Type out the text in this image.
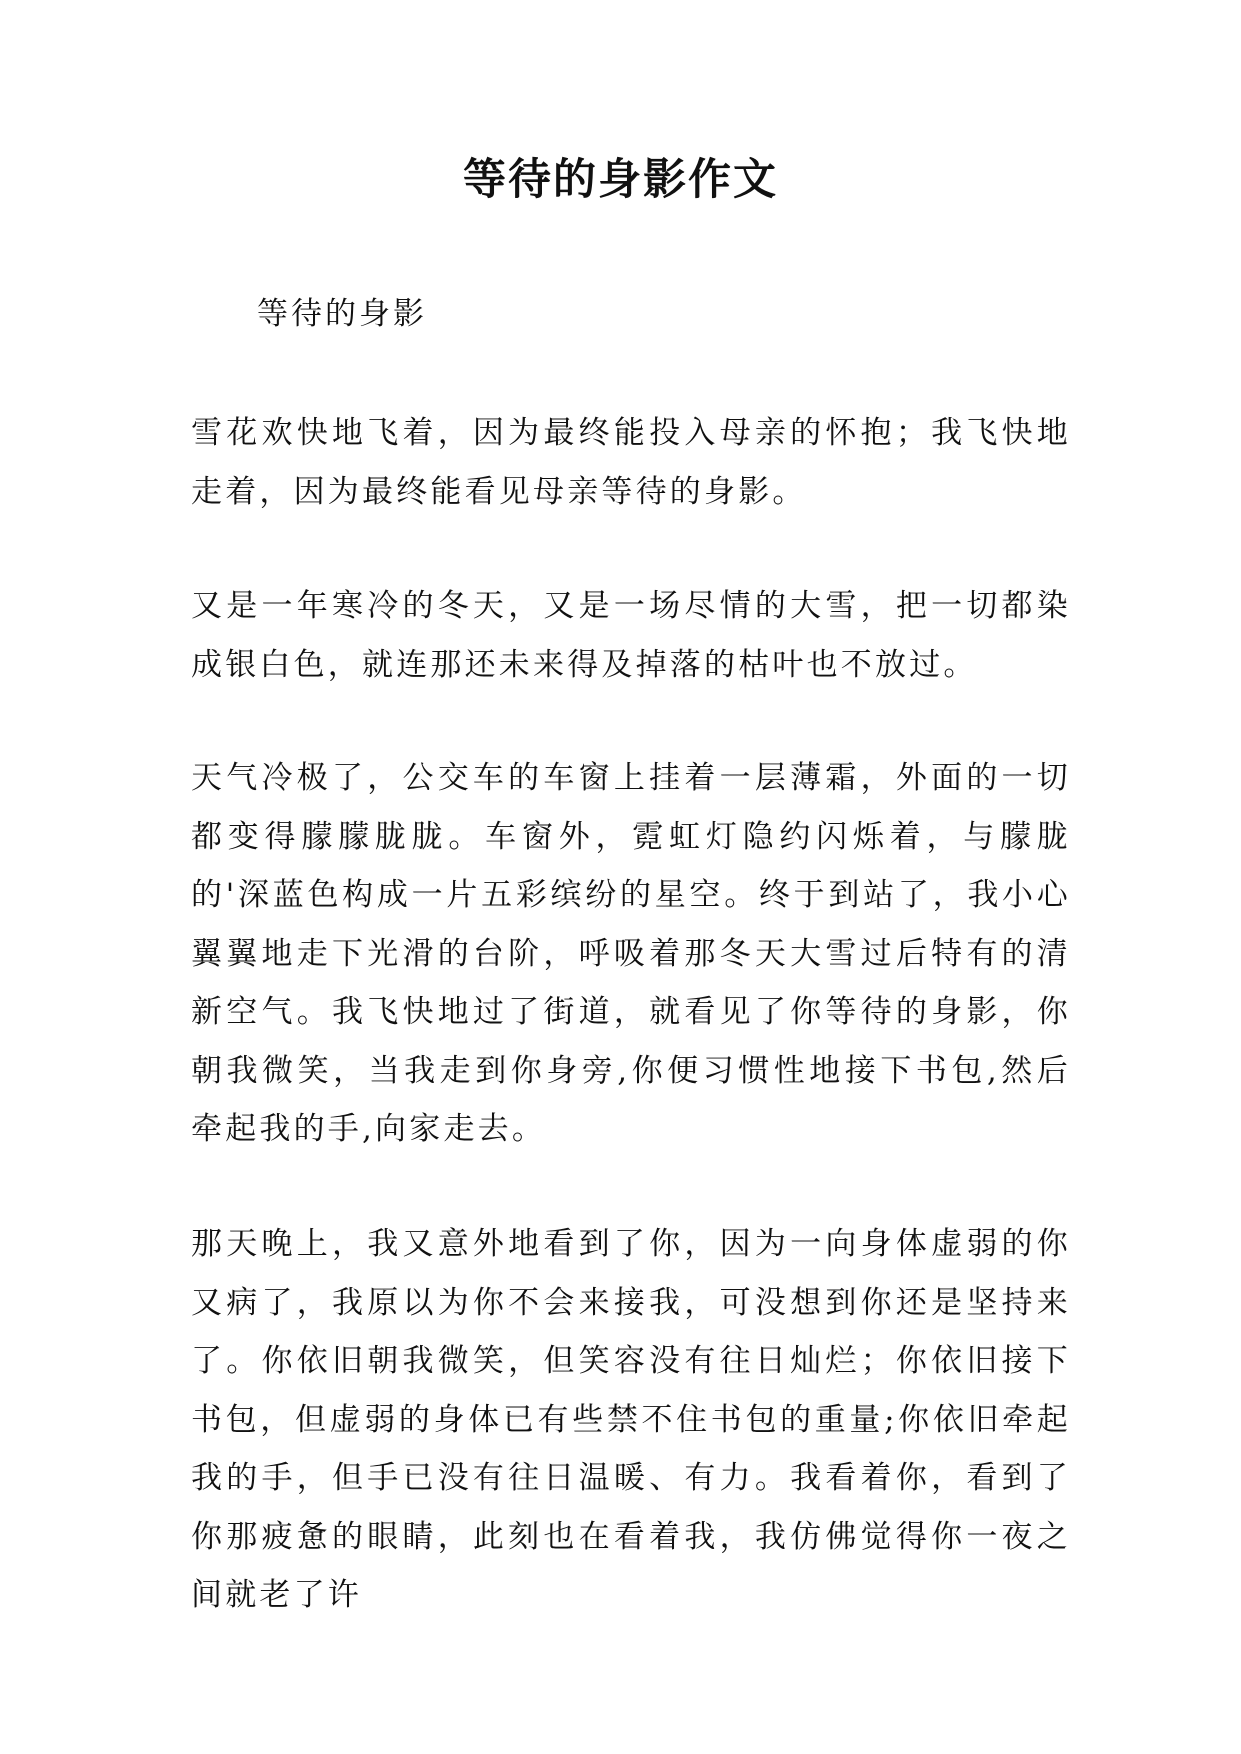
等待的身影作文

等待的身影

雪花欢快地飞着，因为最终能投入母亲的怀抱；我飞快地走着，因为最终能看见母亲等待的身影。

又是一年寒冷的冬天，又是一场尽情的大雪，把一切都染成银白色，就连那还未来得及掉落的枯叶也不放过。

天气冷极了，公交车的车窗上挂着一层薄霜，外面的一切都变得朦朦胧胧。车窗外，霓虹灯隐约闪烁着，与朦胧的'深蓝色构成一片五彩缤纷的星空。终于到站了，我小心翼翼地走下光滑的台阶，呼吸着那冬天大雪过后特有的清新空气。我飞快地过了街道，就看见了你等待的身影，你朝我微笑，当我走到你身旁,你便习惯性地接下书包,然后牵起我的手,向家走去。

那天晚上，我又意外地看到了你，因为一向身体虚弱的你又病了，我原以为你不会来接我，可没想到你还是坚持来了。你依旧朝我微笑，但笑容没有往日灿烂；你依旧接下书包，但虚弱的身体已有些禁不住书包的重量;你依旧牵起我的手，但手已没有往日温暖、有力。我看着你，看到了你那疲惫的眼睛，此刻也在看着我，我仿佛觉得你一夜之间就老了许
